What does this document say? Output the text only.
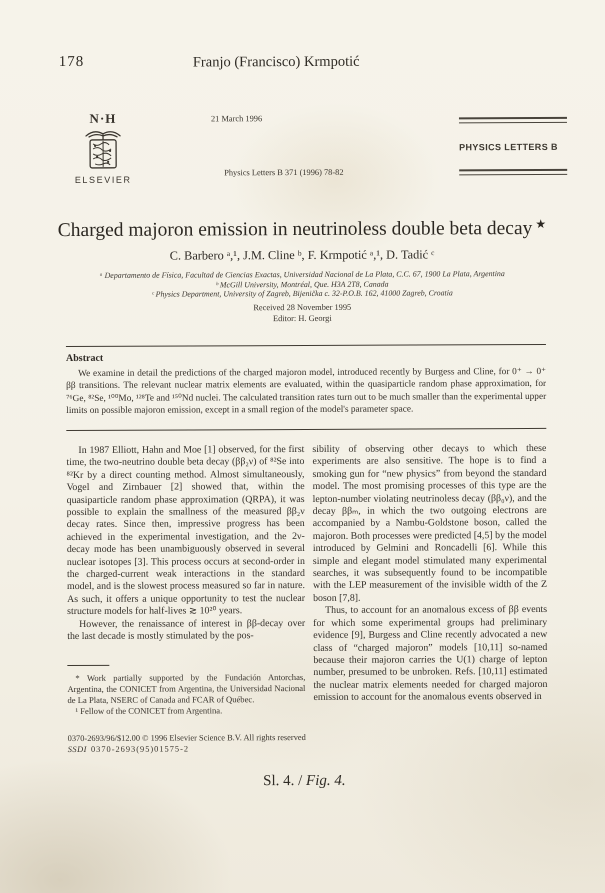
178	Franjo (Francisco) Krmpotić
N·H
ELSEVIER
21 March 1996
Physics Letters B 371 (1996) 78-82
PHYSICS LETTERS B
Charged majoron emission in neutrinoless double beta decay ★
C. Barbero ᵃ,¹, J.M. Cline ᵇ, F. Krmpotić ᵃ,¹, D. Tadić ᶜ
ᵃ Departamento de Física, Facultad de Ciencias Exactas, Universidad Nacional de La Plata, C.C. 67, 1900 La Plata, Argentina
ᵇ McGill University, Montréal, Que. H3A 2T8, Canada
ᶜ Physics Department, University of Zagreb, Bijenička c. 32-P.O.B. 162, 41000 Zagreb, Croatia
Received 28 November 1995
Editor: H. Georgi
Abstract

We examine in detail the predictions of the charged majoron model, introduced recently by Burgess and Cline, for 0⁺ → 0⁺ ββ transitions. The relevant nuclear matrix elements are evaluated, within the quasiparticle random phase approximation, for ⁷⁶Ge, ⁸²Se, ¹⁰⁰Mo, ¹²⁸Te and ¹⁵⁰Nd nuclei. The calculated transition rates turn out to be much smaller than the experimental upper limits on possible majoron emission, except in a small region of the model's parameter space.

In 1987 Elliott, Hahn and Moe [1] observed, for the first time, the two-neutrino double beta decay (ββ₂ν) of ⁸²Se into ⁸²Kr by a direct counting method. Almost simultaneously, Vogel and Zirnbauer [2] showed that, within the quasiparticle random phase approximation (QRPA), it was possible to explain the smallness of the measured ββ₂ν decay rates. Since then, impressive progress has been achieved in the experimental investigation, and the 2ν-decay mode has been unambiguously observed in several nuclear isotopes [3]. This process occurs at second-order in the charged-current weak interactions in the standard model, and is the slowest process measured so far in nature. As such, it offers a unique opportunity to test the nuclear structure models for half-lives ≳ 10²⁰ years.

However, the renaissance of interest in ββ-decay over the last decade is mostly stimulated by the pos-

sibility of observing other decays to which these experiments are also sensitive. The hope is to find a smoking gun for “new physics” from beyond the standard model. The most promising processes of this type are the lepton-number violating neutrinoless decay (ββ₀ν), and the decay ββₘ, in which the two outgoing electrons are accompanied by a Nambu-Goldstone boson, called the majoron. Both processes were predicted [4,5] by the model introduced by Gelmini and Roncadelli [6]. While this simple and elegant model stimulated many experimental searches, it was subsequently found to be incompatible with the LEP measurement of the invisible width of the Z boson [7,8].

Thus, to account for an anomalous excess of ββ events for which some experimental groups had preliminary evidence [9], Burgess and Cline recently advocated a new class of “charged majoron” models [10,11] so-named because their majoron carries the U(1) charge of lepton number, presumed to be unbroken. Refs. [10,11] estimated the nuclear matrix elements needed for charged majoron emission to account for the anomalous events observed in

* Work partially supported by the Fundación Antorchas, Argentina, the CONICET from Argentina, the Universidad Nacional de La Plata, NSERC of Canada and FCAR of Québec.

¹ Fellow of the CONICET from Argentina.

0370-2693/96/$12.00 © 1996 Elsevier Science B.V. All rights reserved
SSDI 0370-2693(95)01575-2
Sl. 4. / Fig. 4.
